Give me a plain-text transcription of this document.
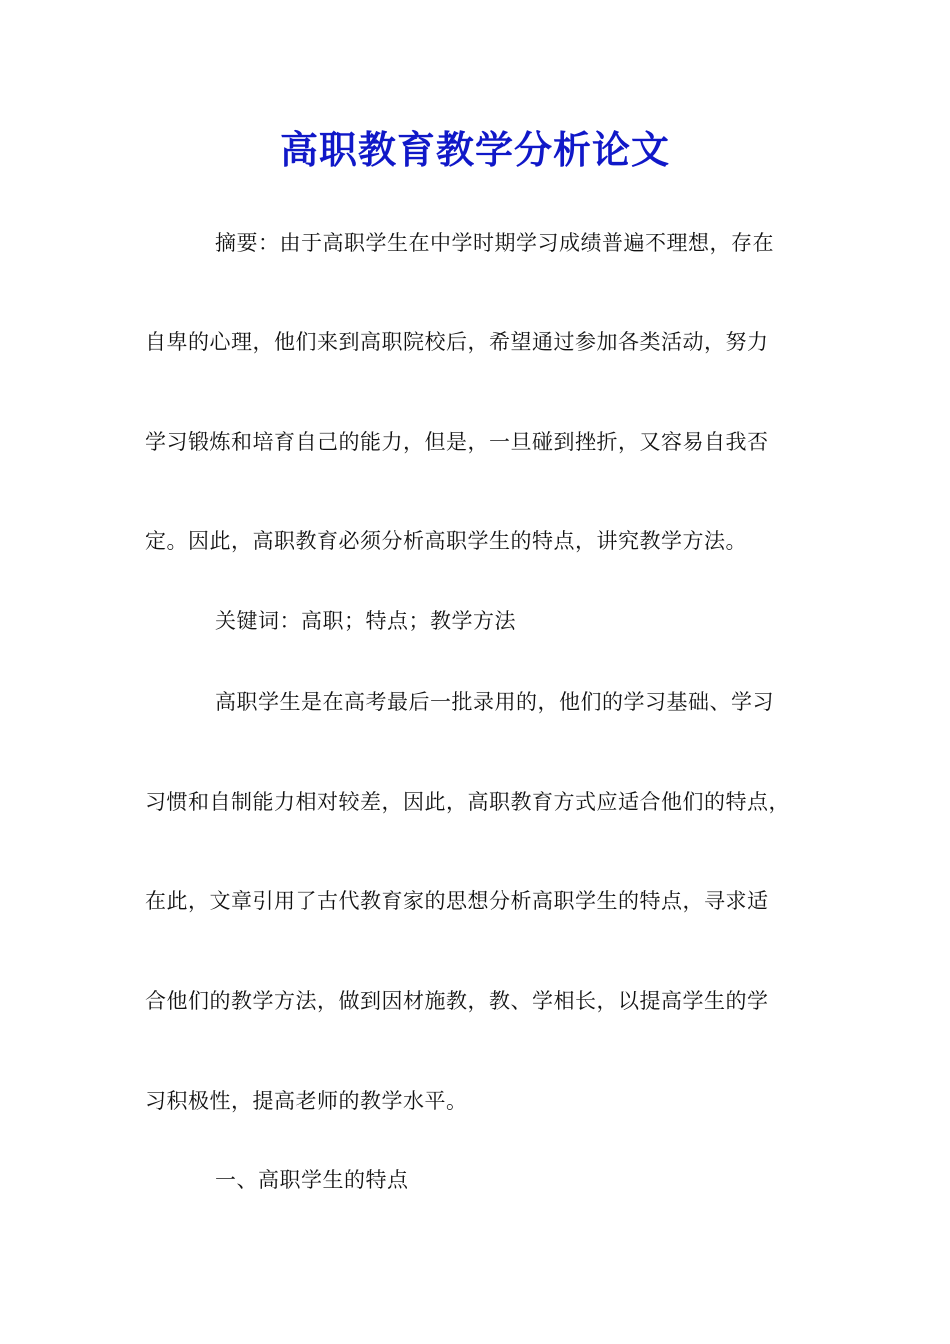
高职教育教学分析论文

摘要：由于高职学生在中学时期学习成绩普遍不理想，存在

自卑的心理，他们来到高职院校后，希望通过参加各类活动，努力

学习锻炼和培育自己的能力，但是，一旦碰到挫折，又容易自我否

定。因此，高职教育必须分析高职学生的特点，讲究教学方法。

关键词：高职；特点；教学方法

高职学生是在高考最后一批录用的，他们的学习基础、学习

习惯和自制能力相对较差，因此，高职教育方式应适合他们的特点，

在此，文章引用了古代教育家的思想分析高职学生的特点，寻求适

合他们的教学方法，做到因材施教，教、学相长，以提高学生的学

习积极性，提高老师的教学水平。

一、高职学生的特点
